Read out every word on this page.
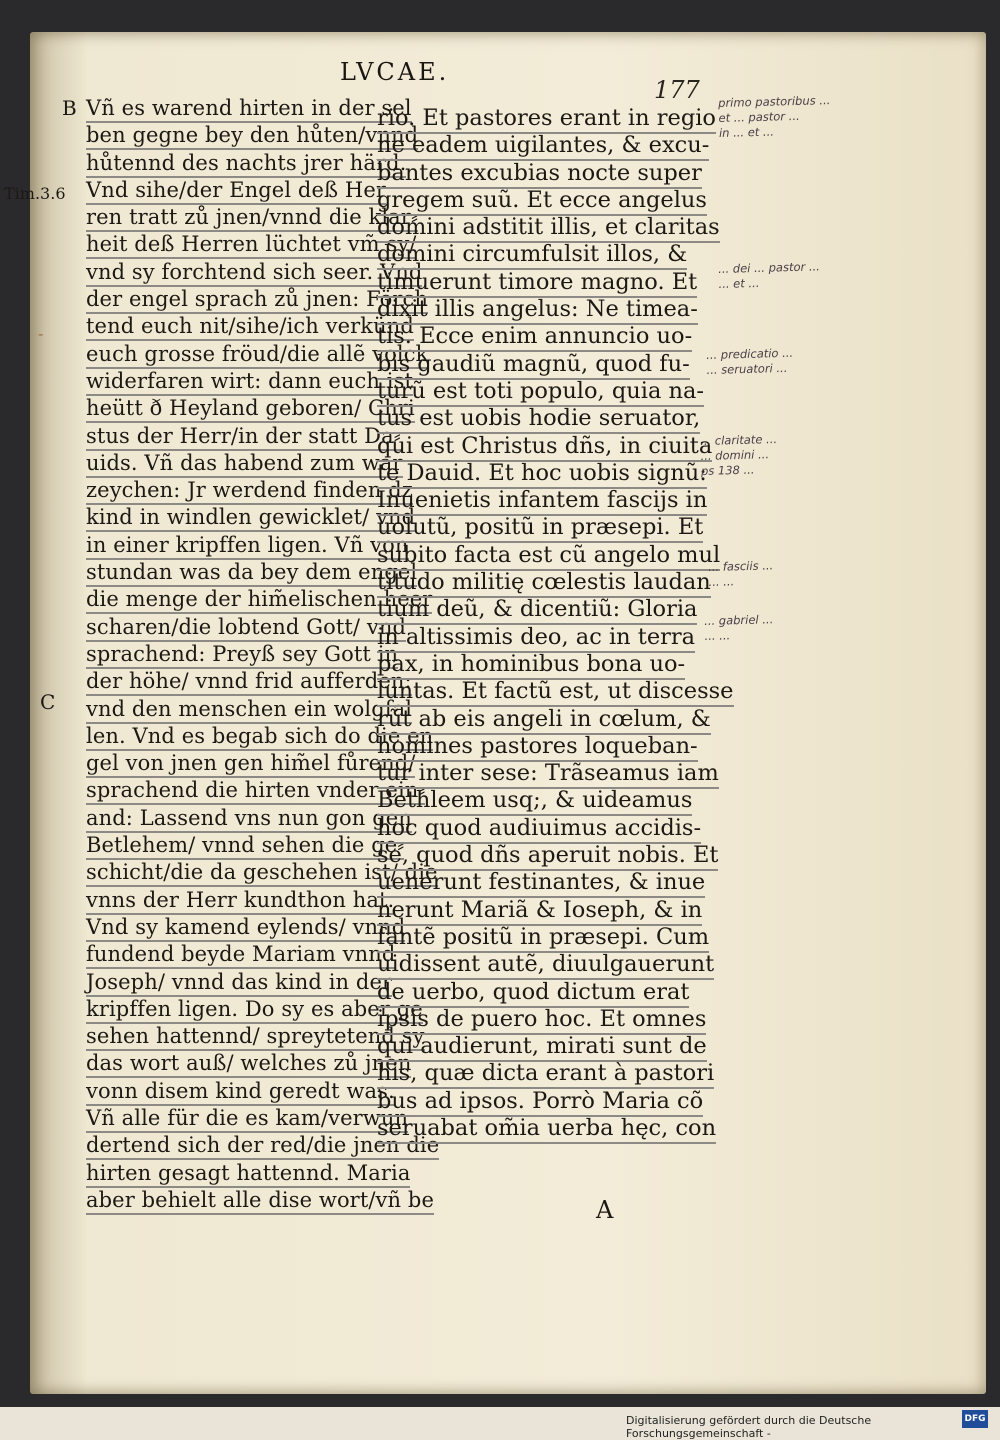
-
LVCAE.
177
B
C
Tim.3.6
Vñ es warend hirten in der sel
ben gegne bey den hůten/vnnd
hůtennd des nachts jrer härd.
Vnd sihe/der Engel deß Her
ren tratt zů jnen/vnnd die klar⸗
heit deß Herren lüchtet vm̃ sy/
vnd sy forchtend sich seer. Vnd
der engel sprach zů jnen: Förch
tend euch nit/sihe/ich verkünd
euch grosse fröud/die allẽ volck
widerfaren wirt: dann euch ist
heütt ð Heyland geboren/ Chri
stus der Herr/in der statt Da⸗
uids. Vñ das habend zum war
zeychen: Jr werdend finden dz
kind in windlen gewicklet/ vnd
in einer kripffen ligen. Vñ von
stundan was da bey dem engel
die menge der him̃elischen heer
scharen/die lobtend Gott/ vnd
sprachend: Preyß sey Gott in
der höhe/ vnnd frid aufferden:
vnd den menschen ein wolgfal
len. Vnd es begab sich do die en
gel von jnen gen him̃el fůrend/
sprachend die hirten vnder ein⸗
and: Lassend vns nun gon gen
Betlehem/ vnnd sehen die ge⸗
schicht/die da geschehen ist/ die
vnns der Herr kundthon hat.
Vnd sy kamend eylends/ vnnd
fundend beyde Mariam vnnd
Joseph/ vnnd das kind in der
kripffen ligen. Do sy es aber ge
sehen hattennd/ spreytetend sy
das wort auß/ welches zů jnen
vonn disem kind geredt was.
Vñ alle für die es kam/verwun
dertend sich der red/die jnen die
hirten gesagt hattennd. Maria
aber behielt alle dise wort/vñ be
rio. Et pastores erant in regio
ne eadem uigilantes, & excu-
bantes excubias nocte super
gregem suũ. Et ecce angelus
domini adstitit illis, et claritas
domini circumfulsit illos, &
timuerunt timore magno. Et
dixit illis angelus: Ne timea-
tis. Ecce enim annuncio uo-
bis gaudiũ magnũ, quod fu-
turũ est toti populo, quia na-
tus est uobis hodie seruator,
qui est Christus dñs, in ciuita
te Dauid. Et hoc uobis signũ:
Inuenietis infantem fascijs in
uolutũ, positũ in præsepi. Et
subito facta est cũ angelo mul
titudo militię cœlestis laudan
tium deũ, & dicentiũ: Gloria
in altissimis deo, ac in terra
pax, in hominibus bona uo-
luntas. Et factũ est, ut discesse
rũt ab eis angeli in cœlum, &
homines pastores loqueban-
tur inter sese: Trãseamus iam
Bethleem usq;, & uideamus
hoc quod audiuimus accidis-
se, quod dñs aperuit nobis. Et
uenerunt festinantes, & inue
nerunt Mariã & Ioseph, & in
fantẽ positũ in præsepi. Cum
uidissent autẽ, diuulgauerunt
de uerbo, quod dictum erat
ipsis de puero hoc. Et omnes
qui audierunt, mirati sunt de
his, quæ dicta erant à pastori
bus ad ipsos. Porrò Maria cõ
seruabat om̃ia uerba hęc, con
A
primo pastoribus ...
et ... pastor ...
in ... et ...
... dei ... pastor ...
... et ...
... predicatio ...
... seruatori ...
... claritate ...
... domini ...
ps 138 ...
... fasciis ...
... ...
... gabriel ...
... ...
Digitalisierung gefördert durch die Deutsche Forschungsgemeinschaft -
DFG
